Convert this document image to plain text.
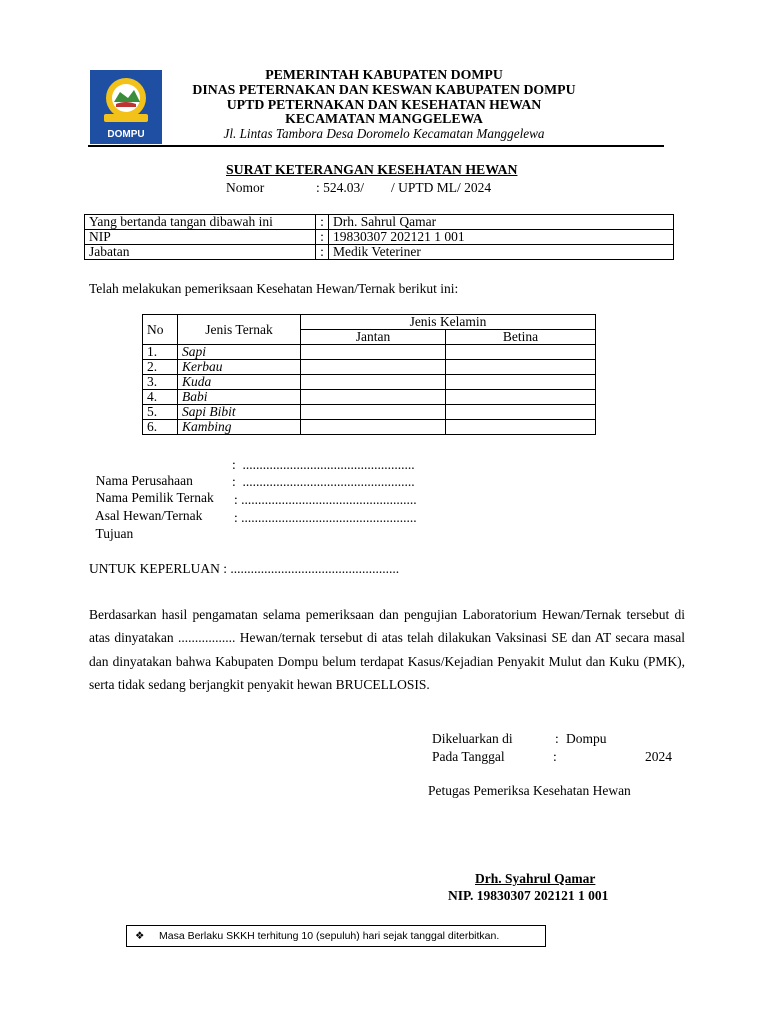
DOMPU
PEMERINTAH KABUPATEN DOMPU
DINAS PETERNAKAN DAN KESWAN KABUPATEN DOMPU
UPTD PETERNAKAN DAN KESEHATAN HEWAN
KECAMATAN MANGGELEWA
Jl. Lintas Tambora Desa Doromelo Kecamatan Manggelewa
SURAT KETERANGAN KESEHATAN HEWAN
Nomor	: 524.03/        / UPTD ML/ 2024
Yang bertanda tangan dibawah ini	:	Drh. Sahrul Qamar
NIP	:	19830307 202121 1 001
Jabatan	:	Medik Veteriner
Telah melakukan pemeriksaan Kesehatan Hewan/Ternak berikut ini:
No	Jenis Ternak	Jenis Kelamin	
		Jantan	Betina
1.	Sapi		
2.	Kerbau		
3.	Kuda		
4.	Babi		
5.	Sapi Bibit		
6.	Kambing		

Nama Perusahaan

:  ...................................................

Nama Pemilik Ternak

:  ...................................................

Asal Hewan/Ternak

: ....................................................

Tujuan

: ....................................................

UNTUK KEPERLUAN : ..................................................
Berdasarkan hasil pengamatan selama pemeriksaan dan pengujian Laboratorium Hewan/Ternak tersebut di atas dinyatakan ................. Hewan/ternak tersebut di atas telah dilakukan Vaksinasi SE dan AT secara masal dan dinyatakan bahwa Kabupaten Dompu belum terdapat Kasus/Kejadian Penyakit Mulut dan Kuku (PMK), serta tidak sedang berjangkit penyakit hewan BRUCELLOSIS.
Dikeluarkan di	: Dompu
Pada Tanggal	:	2024
Petugas Pemeriksa Kesehatan Hewan
Drh. Syahrul Qamar
NIP. 19830307 202121 1 001
❖ Masa Berlaku SKKH terhitung 10 (sepuluh) hari sejak tanggal diterbitkan.
